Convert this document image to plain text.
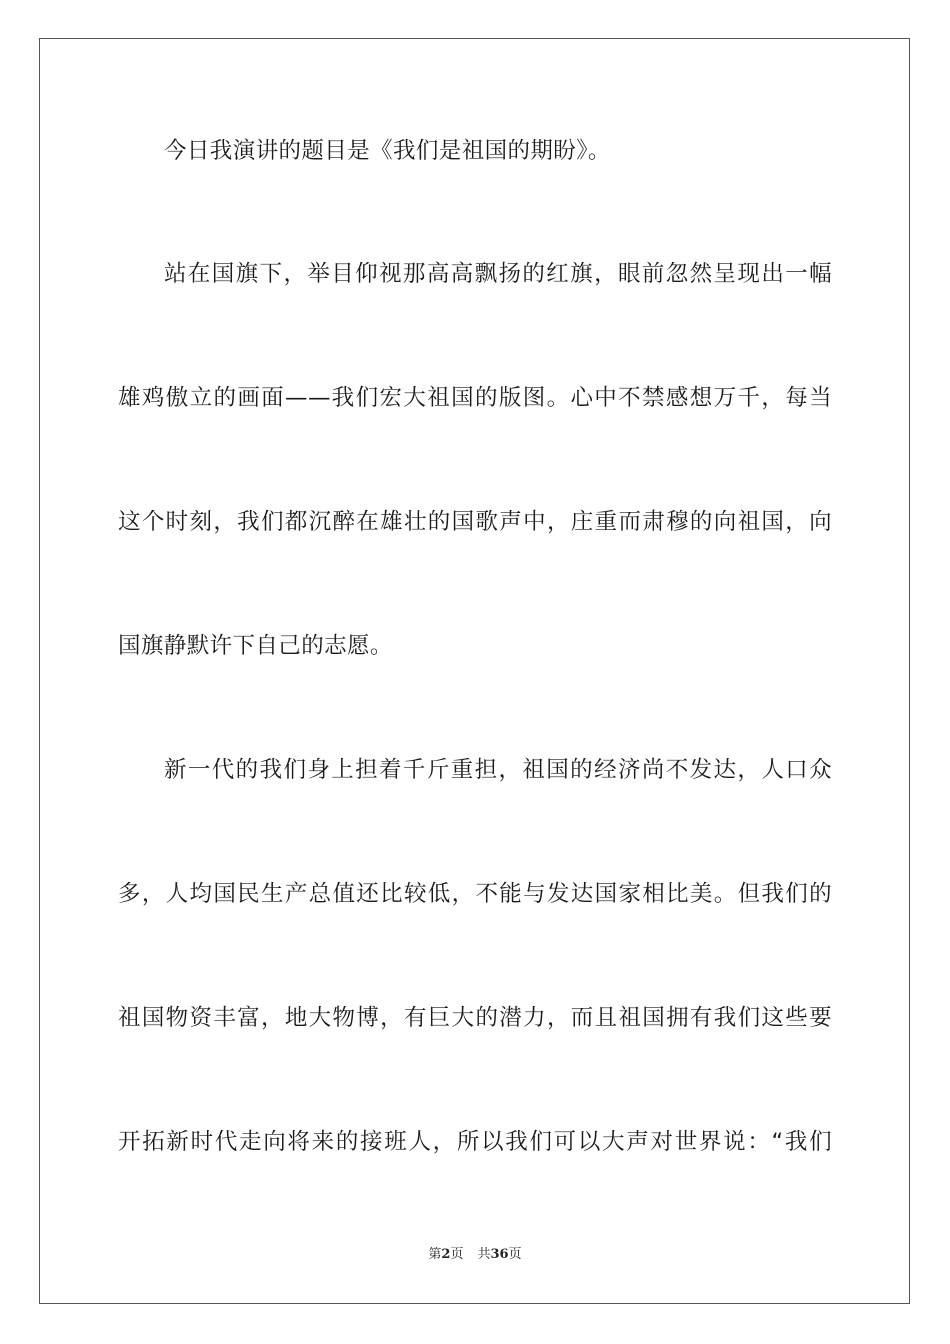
今日我演讲的题目是《我们是祖国的期盼》。
站在国旗下，举目仰视那高高飘扬的红旗，眼前忽然呈现出一幅
雄鸡傲立的画面——我们宏大祖国的版图。心中不禁感想万千，每当
这个时刻，我们都沉醉在雄壮的国歌声中，庄重而肃穆的向祖国，向
国旗静默许下自己的志愿。
新一代的我们身上担着千斤重担，祖国的经济尚不发达，人口众
多，人均国民生产总值还比较低，不能与发达国家相比美。但我们的
祖国物资丰富，地大物博，有巨大的潜力，而且祖国拥有我们这些要
开拓新时代走向将来的接班人，所以我们可以大声对世界说：“我们
第2页 共36页
